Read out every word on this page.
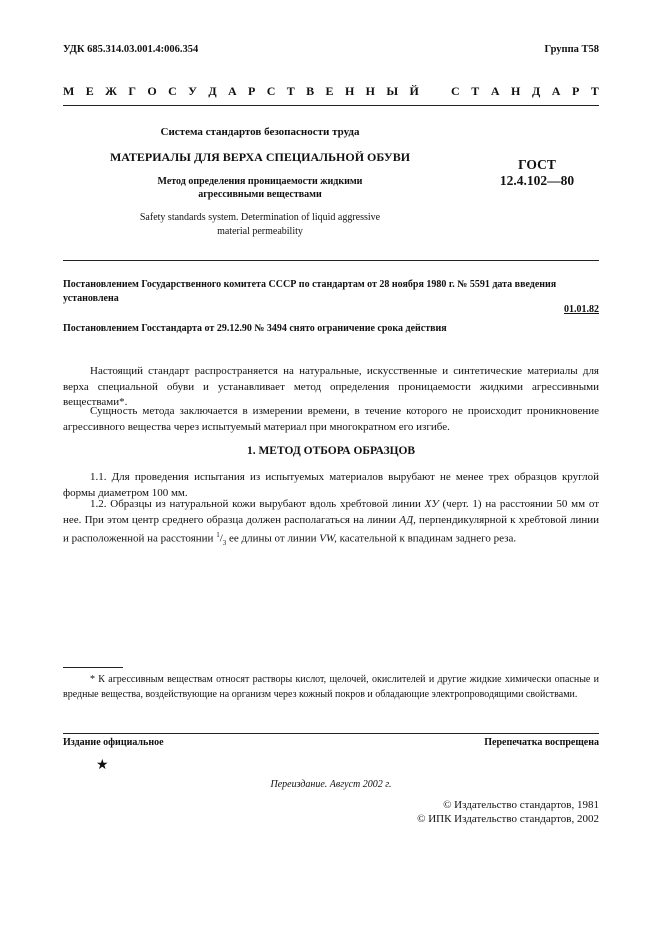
УДК 685.314.03.001.4:006.354	Группа Т58
М Е Ж Г О С У Д А Р С Т В Е Н Н Ы Й	С Т А Н Д А Р Т
Система стандартов безопасности труда
МАТЕРИАЛЫ ДЛЯ ВЕРХА СПЕЦИАЛЬНОЙ ОБУВИ
Метод определения проницаемости жидкими
агрессивными веществами
Safety standards system. Determination of liquid aggressive
material permeability
ГОСТ
12.4.102—80
Постановлением Государственного комитета СССР по стандартам от 28 ноября 1980 г. № 5591 дата введения
установлена
01.01.82
Постановлением Госстандарта от 29.12.90 № 3494 снято ограничение срока действия
Настоящий стандарт распространяется на натуральные, искусственные и синтетические материалы для верха специальной обуви и устанавливает метод определения проницаемости жидкими агрессивными веществами*.
Сущность метода заключается в измерении времени, в течение которого не происходит проникновение агрессивного вещества через испытуемый материал при многократном его изгибе.
1. МЕТОД ОТБОРА ОБРАЗЦОВ
1.1. Для проведения испытания из испытуемых материалов вырубают не менее трех образцов круглой формы диаметром 100 мм.
1.2. Образцы из натуральной кожи вырубают вдоль хребтовой линии ХУ (черт. 1) на расстоянии 50 мм от нее. При этом центр среднего образца должен располагаться на линии АД, перпендикулярной к хребтовой линии и расположенной на расстоянии $^1/_3$ ее длины от линии VW, касательной к впадинам заднего реза.
* К агрессивным веществам относят растворы кислот, щелочей, окислителей и другие жидкие химически опасные и вредные вещества, воздействующие на организм через кожный покров и обладающие электропроводящими свойствами.
Издание официальное	Перепечатка воспрещена
★
Переиздание. Август 2002 г.
© Издательство стандартов, 1981
© ИПК Издательство стандартов, 2002
